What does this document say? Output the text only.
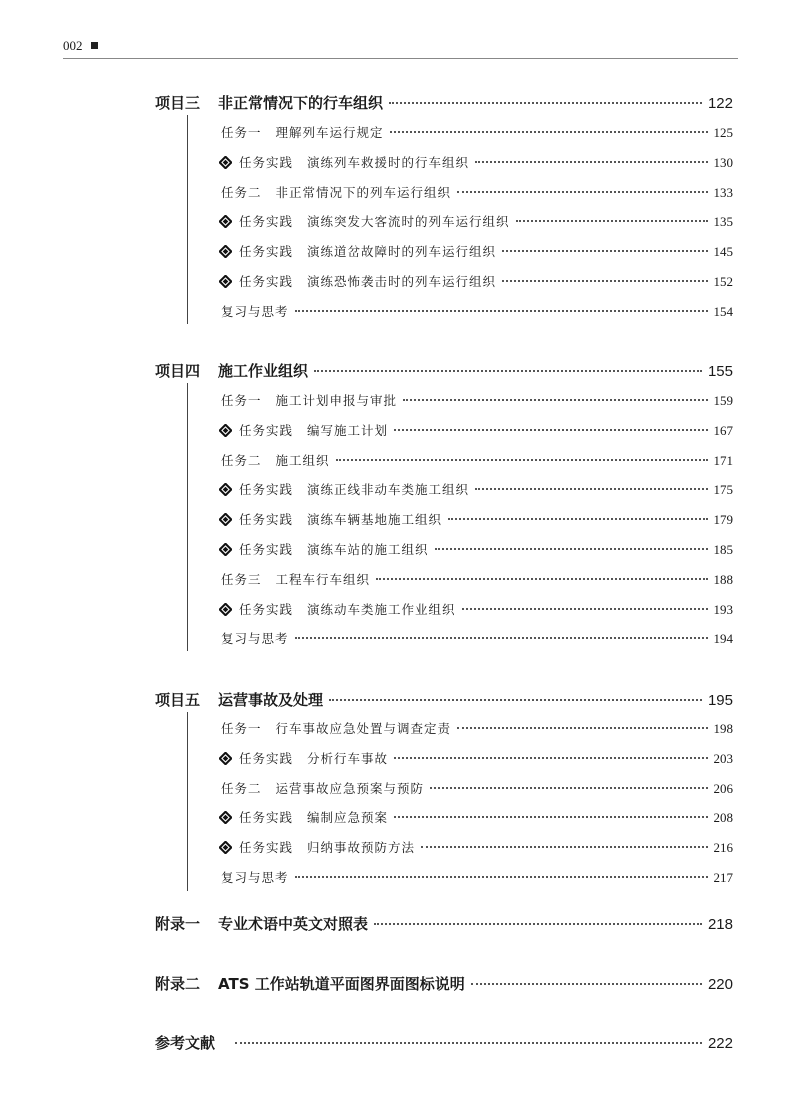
002
项目三 非正常情况下的行车组织	122
任务一 理解列车运行规定	125
任务实践 演练列车救援时的行车组织	130
任务二 非正常情况下的列车运行组织	133
任务实践 演练突发大客流时的列车运行组织	135
任务实践 演练道岔故障时的列车运行组织	145
任务实践 演练恐怖袭击时的列车运行组织	152
复习与思考	154
项目四 施工作业组织	155
任务一 施工计划申报与审批	159
任务实践 编写施工计划	167
任务二 施工组织	171
任务实践 演练正线非动车类施工组织	175
任务实践 演练车辆基地施工组织	179
任务实践 演练车站的施工组织	185
任务三 工程车行车组织	188
任务实践 演练动车类施工作业组织	193
复习与思考	194
项目五 运营事故及处理	195
任务一 行车事故应急处置与调查定责	198
任务实践 分析行车事故	203
任务二 运营事故应急预案与预防	206
任务实践 编制应急预案	208
任务实践 归纳事故预防方法	216
复习与思考	217
附录一 专业术语中英文对照表	218
附录二 ATS 工作站轨道平面图界面图标说明	220
参考文献	222
